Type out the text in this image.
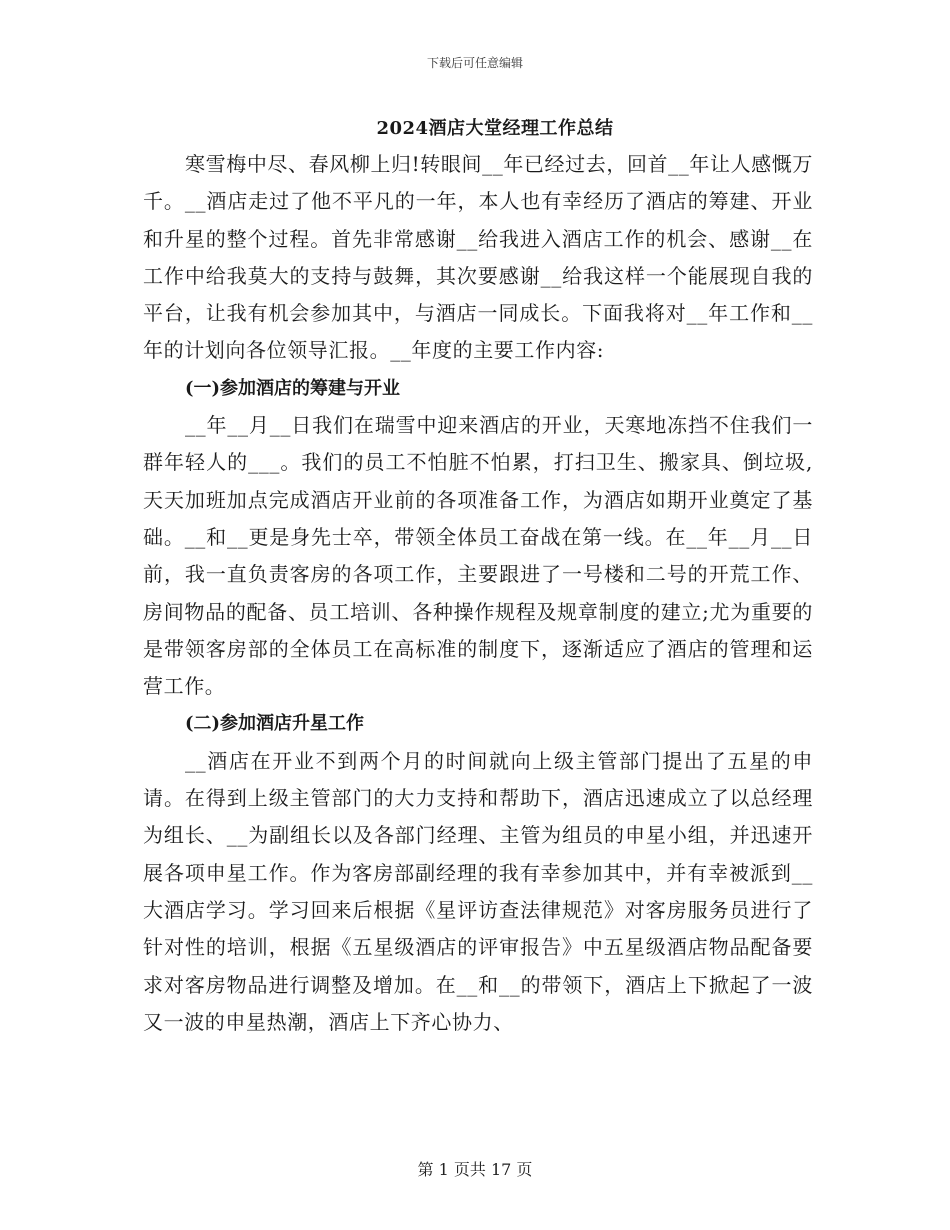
下载后可任意编辑
2024酒店大堂经理工作总结

寒雪梅中尽、春风柳上归!转眼间__年已经过去，回首__年让人感慨万千。__酒店走过了他不平凡的一年，本人也有幸经历了酒店的筹建、开业和升星的整个过程。首先非常感谢__给我进入酒店工作的机会、感谢__在工作中给我莫大的支持与鼓舞，其次要感谢__给我这样一个能展现自我的平台，让我有机会参加其中，与酒店一同成长。下面我将对__年工作和__年的计划向各位领导汇报。__年度的主要工作内容:

(一)参加酒店的筹建与开业

__年__月__日我们在瑞雪中迎来酒店的开业，天寒地冻挡不住我们一群年轻人的___。我们的员工不怕脏不怕累，打扫卫生、搬家具、倒垃圾,天天加班加点完成酒店开业前的各项准备工作，为酒店如期开业奠定了基础。__和__更是身先士卒，带领全体员工奋战在第一线。在__年__月__日前，我一直负责客房的各项工作，主要跟进了一号楼和二号的开荒工作、房间物品的配备、员工培训、各种操作规程及规章制度的建立;尤为重要的是带领客房部的全体员工在高标准的制度下，逐渐适应了酒店的管理和运营工作。

(二)参加酒店升星工作

__酒店在开业不到两个月的时间就向上级主管部门提出了五星的申请。在得到上级主管部门的大力支持和帮助下，酒店迅速成立了以总经理为组长、__为副组长以及各部门经理、主管为组员的申星小组，并迅速开展各项申星工作。作为客房部副经理的我有幸参加其中，并有幸被派到__大酒店学习。学习回来后根据《星评访查法律规范》对客房服务员进行了针对性的培训，根据《五星级酒店的评审报告》中五星级酒店物品配备要求对客房物品进行调整及增加。在__和__的带领下，酒店上下掀起了一波又一波的申星热潮，酒店上下齐心协力、

第 1 页共 17 页
